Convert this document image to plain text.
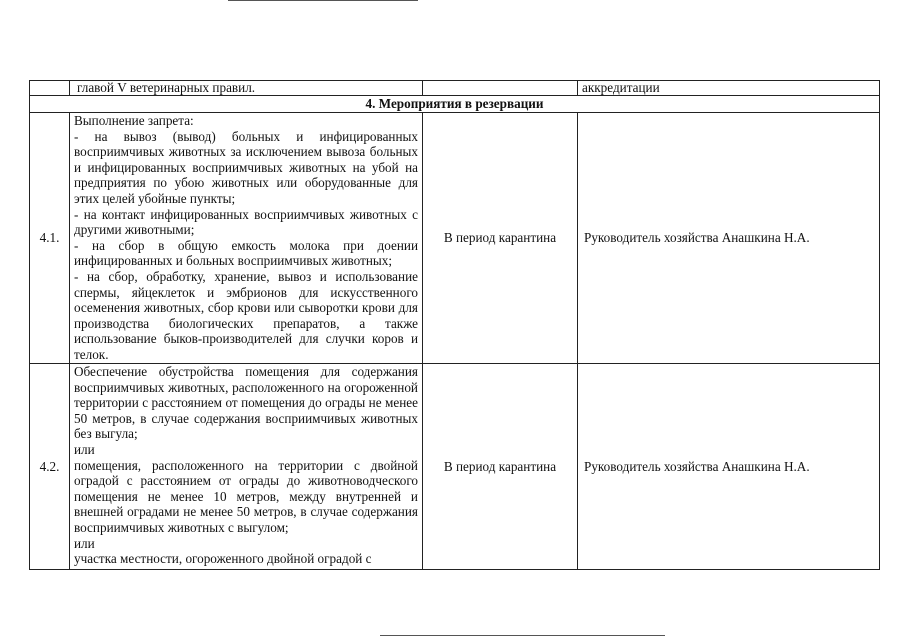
	главой V ветеринарных правил.		аккредитации
4. Мероприятия в резервации			
4.1.	Выполнение запрета:
- на вывоз (вывод) больных и инфицированных восприимчивых животных за исключением вывоза больных и инфицированных восприимчивых животных на убой на предприятия по убою животных или оборудованные для этих целей убойные пункты;
- на контакт инфицированных восприимчивых животных с другими животными;
- на сбор в общую емкость молока при доении инфицированных и больных восприимчивых животных;
- на сбор, обработку, хранение, вывоз и использование спермы, яйцеклеток и эмбрионов для искусственного осеменения животных, сбор крови или сыворотки крови для производства биологических препаратов, а также использование быков-производителей для случки коров и телок.	В период карантина	Руководитель хозяйства Анашкина Н.А.
4.2.	Обеспечение обустройства помещения для содержания восприимчивых животных, расположенного на огороженной территории с расстоянием от помещения до ограды не менее 50 метров, в случае содержания восприимчивых животных без выгула;
или
помещения, расположенного на территории с двойной оградой с расстоянием от ограды до животноводческого помещения не менее 10 метров, между внутренней и внешней оградами не менее 50 метров, в случае содержания восприимчивых животных с выгулом;
или
участка местности, огороженного двойной оградой с	В период карантина	Руководитель хозяйства Анашкина Н.А.
